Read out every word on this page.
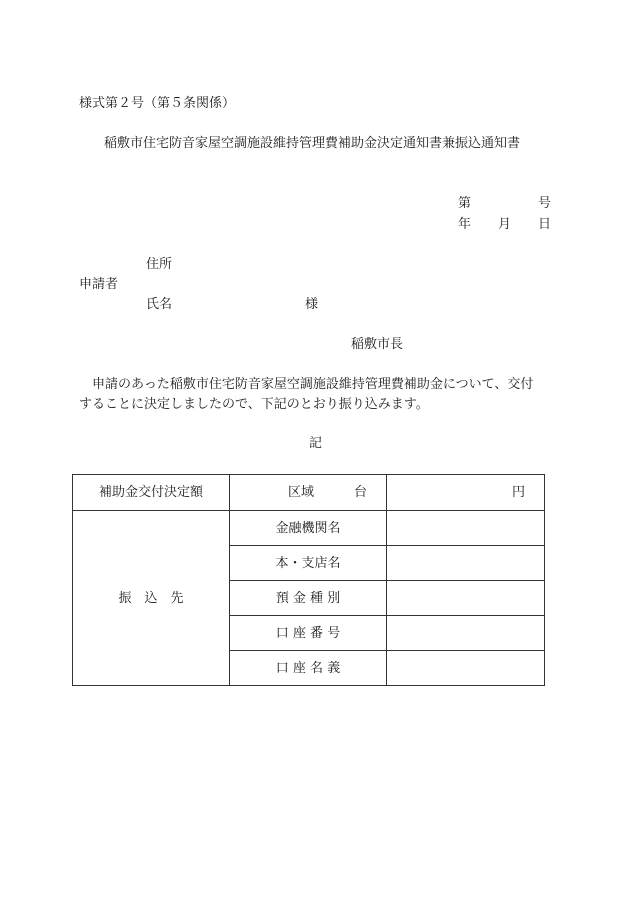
様式第２号（第５条関係）
稲敷市住宅防音家屋空調施設維持管理費補助金決定通知書兼振込通知書
第	号
年 月 日
住所
申請者
氏名	様
稲敷市長
申請のあった稲敷市住宅防音家屋空調施設維持管理費補助金について、交付
することに決定しましたので、下記のとおり振り込みます。
記
補助金交付決定額	区域 台	円

振　込　先	金融機関名	
	本・支店名	
	預 金 種 別	
	口 座 番 号	
	口 座 名 義	
